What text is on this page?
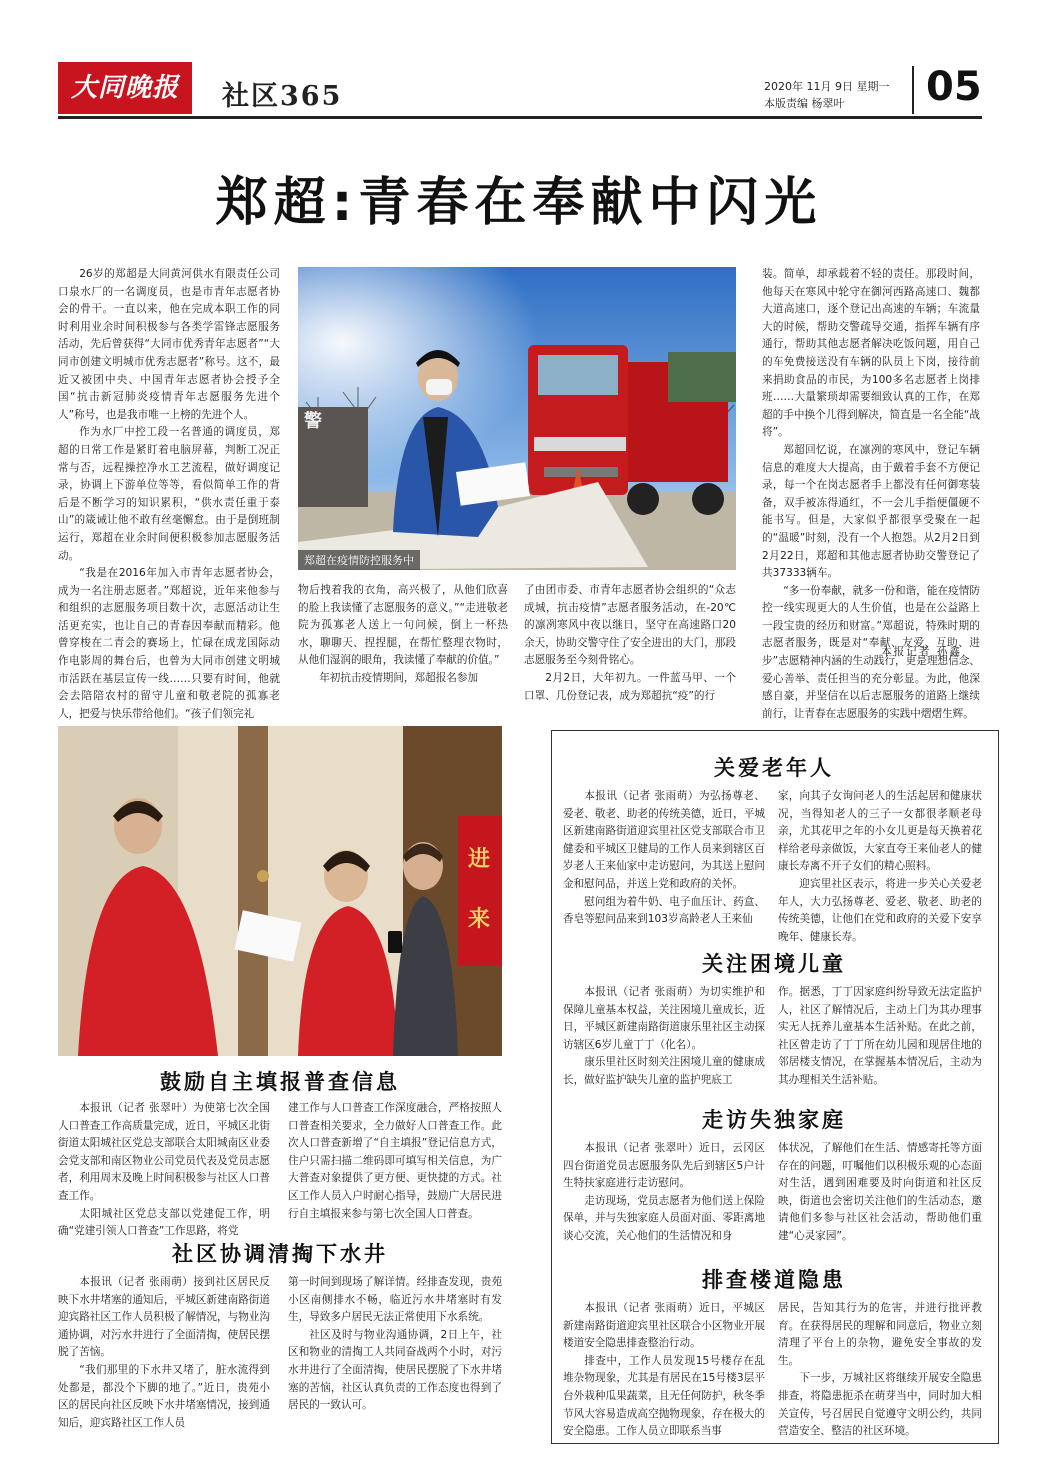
大同晚报	社区365	2020年 11月 9日 星期一
本版责编 杨翠叶	05
郑超:青春在奉献中闪光

26岁的郑超是大同黄河供水有限责任公司口泉水厂的一名调度员，也是市青年志愿者协会的骨干。一直以来，他在完成本职工作的同时利用业余时间积极参与各类学雷锋志愿服务活动，先后曾获得“大同市优秀青年志愿者”“大同市创建文明城市优秀志愿者”称号。这不，最近又被团中央、中国青年志愿者协会授予全国“抗击新冠肺炎疫情青年志愿服务先进个人”称号，也是我市唯一上榜的先进个人。

作为水厂中控工段一名普通的调度员，郑超的日常工作是紧盯着电脑屏幕，判断工况正常与否，远程操控净水工艺流程，做好调度记录，协调上下游单位等等，看似简单工作的背后是不断学习的知识累积，“供水责任重于泰山”的箴诫让他不敢有丝毫懈怠。由于是倒班制运行，郑超在业余时间便积极参加志愿服务活动。

“我是在2016年加入市青年志愿者协会，成为一名注册志愿者。”郑超说，近年来他参与和组织的志愿服务项目数十次，志愿活动让生活更充实，也让自己的青春因奉献而精彩。他曾穿梭在二青会的赛场上，忙碌在成龙国际动作电影周的舞台后，也曾为大同市创建文明城市活跃在基层宣传一线……只要有时间，他就会去陪陪农村的留守儿童和敬老院的孤寡老人，把爱与快乐带给他们。“孩子们领完礼

警
郑超在疫情防控服务中

物后拽着我的衣角，高兴极了，从他们欣喜的脸上我读懂了志愿服务的意义。”“走进敬老院为孤寡老人送上一句问候，倒上一杯热水，聊聊天、捏捏腿，在帮忙整理衣物时，从他们湿润的眼角，我读懂了奉献的价值。”

年初抗击疫情期间，郑超报名参加

了由团市委、市青年志愿者协会组织的“众志成城，抗击疫情”志愿者服务活动，在-20℃的凛冽寒风中夜以继日，坚守在高速路口20余天，协助交警守住了安全进出的大门，那段志愿服务至今刻骨铭心。

2月2日，大年初九。一件蓝马甲、一个口罩、几份登记表，成为郑超抗“疫”的行

装。简单，却承载着不轻的责任。那段时间，他每天在寒风中轮守在御河西路高速口、魏都大道高速口，逐个登记出高速的车辆；车流量大的时候，帮助交警疏导交通，指挥车辆有序通行，帮助其他志愿者解决吃饭问题，用自己的车免费接送没有车辆的队员上下岗，接待前来捐助食品的市民，为100多名志愿者上岗排班……大量繁琐却需要细致认真的工作，在郑超的手中换个儿得到解决，简直是一名全能“战将”。

郑超回忆说，在凛冽的寒风中，登记车辆信息的难度大大提高，由于戴着手套不方便记录，每一个在岗志愿者手上都没有任何御寒装备，双手被冻得通红，不一会儿手指便僵硬不能书写。但是，大家似乎都很享受聚在一起的“温暖”时刻，没有一个人抱怨。从2月2日到2月22日，郑超和其他志愿者协助交警登记了共37333辆车。

“多一份奉献，就多一份和谐，能在疫情防控一线实现更大的人生价值，也是在公益路上一段宝贵的经历和财富。”郑超说，特殊时期的志愿者服务，既是对“奉献、友爱、互助、进步”志愿精神内涵的生动践行，更是理想信念、爱心善举、责任担当的充分彰显。为此，他深感自豪，并坚信在以后志愿服务的道路上继续前行，让青春在志愿服务的实践中熠熠生辉。

本报记者 孙鑫
进
来
鼓励自主填报普查信息

本报讯（记者 张翠叶）为使第七次全国人口普查工作高质量完成，近日，平城区北街街道太阳城社区党总支部联合太阳城南区业委会党支部和南区物业公司党员代表及党员志愿者，利用周末及晚上时间积极参与社区人口普查工作。

太阳城社区党总支部以党建促工作，明确“党建引领人口普查”工作思路，将党

建工作与人口普查工作深度融合，严格按照人口普查相关要求，全力做好人口普查工作。此次人口普查新增了“自主填报”登记信息方式，住户只需扫描二维码即可填写相关信息，为广大普查对象提供了更方便、更快捷的方式。社区工作人员入户时耐心指导，鼓励广大居民进行自主填报来参与第七次全国人口普查。

社区协调清掏下水井

本报讯（记者 张雨萌）接到社区居民反映下水井堵塞的通知后，平城区新建南路街道迎宾路社区工作人员积极了解情况，与物业沟通协调，对污水井进行了全面清掏，使居民摆脱了苦恼。

“我们那里的下水井又堵了，脏水流得到处都是，都没个下脚的地了。”近日，贵苑小区的居民向社区反映下水井堵塞情况，接到通知后，迎宾路社区工作人员

第一时间到现场了解详情。经排查发现，贵苑小区南侧排水不畅，临近污水井堵塞时有发生，导致多户居民无法正常使用下水系统。

社区及时与物业沟通协调，2日上午，社区和物业的清掏工人共同奋战两个小时，对污水井进行了全面清掏，使居民摆脱了下水井堵塞的苦恼，社区认真负责的工作态度也得到了居民的一致认可。

关爱老年人

本报讯（记者 张雨萌）为弘扬尊老、爱老、敬老、助老的传统美德，近日，平城区新建南路街道迎宾里社区党支部联合市卫健委和平城区卫健局的工作人员来到辖区百岁老人王来仙家中走访慰问，为其送上慰问金和慰问品，并送上党和政府的关怀。

慰问组为着牛奶、电子血压计、药盒、香皂等慰问品来到103岁高龄老人王来仙

家，向其子女询问老人的生活起居和健康状况，当得知老人的三子一女都很孝顺老母亲，尤其花甲之年的小女儿更是每天换着花样给老母亲做饭，大家直夸王来仙老人的健康长寿离不开子女们的精心照料。

迎宾里社区表示，将进一步关心关爱老年人，大力弘扬尊老、爱老、敬老、助老的传统美德，让他们在党和政府的关爱下安享晚年、健康长寿。

关注困境儿童

本报讯（记者 张雨萌）为切实维护和保障儿童基本权益，关注困境儿童成长，近日，平城区新建南路街道康乐里社区主动探访辖区6岁儿童丁丁（化名）。

康乐里社区时刻关注困境儿童的健康成长，做好监护缺失儿童的监护兜底工

作。据悉，丁丁因家庭纠纷导致无法定监护人，社区了解情况后，主动上门为其办理事实无人抚养儿童基本生活补贴。在此之前，社区曾走访了丁丁所在幼儿园和现居住地的邻居楼支情况，在掌握基本情况后，主动为其办理相关生活补贴。

走访失独家庭

本报讯（记者 张翠叶）近日，云冈区四台街道党员志愿服务队先后到辖区5户计生特扶家庭进行走访慰问。

走访现场，党员志愿者为他们送上保险保单，并与失独家庭人员面对面、零距离地谈心交流，关心他们的生活情况和身

体状况，了解他们在生活、情感寄托等方面存在的问题，叮嘱他们以积极乐观的心态面对生活，遇到困难要及时向街道和社区反映，街道也会密切关注他们的生活动态，邀请他们多参与社区社会活动，帮助他们重建“心灵家园”。

排查楼道隐患

本报讯（记者 张雨萌）近日，平城区新建南路街道迎宾里社区联合小区物业开展楼道安全隐患排查整治行动。

排查中，工作人员发现15号楼存在乱堆杂物现象，尤其是有居民在15号楼3层平台外栽种瓜果蔬菜，且无任何防护，秋冬季节风大容易造成高空抛物现象，存在极大的安全隐患。工作人员立即联系当事

居民，告知其行为的危害，并进行批评教育。在获得居民的理解和同意后，物业立刻清理了平台上的杂物，避免安全事故的发生。

下一步，万城社区将继续开展安全隐患排查，将隐患扼杀在萌芽当中，同时加大相关宣传，号召居民自觉遵守文明公约，共同营造安全、整洁的社区环境。
